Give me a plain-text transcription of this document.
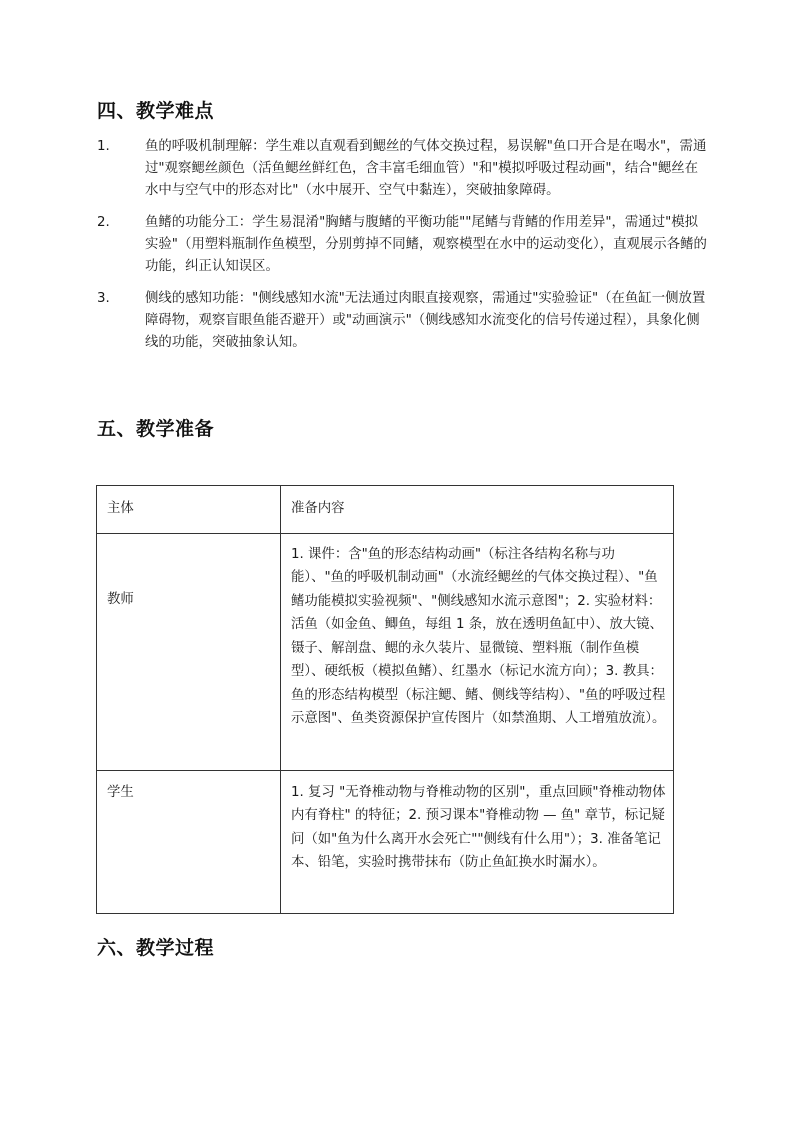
四、教学难点
1.	鱼的呼吸机制理解：学生难以直观看到鳃丝的气体交换过程，易误解"鱼口开合是在喝水"，需通过"观察鳃丝颜色（活鱼鳃丝鲜红色，含丰富毛细血管）"和"模拟呼吸过程动画"，结合"鳃丝在水中与空气中的形态对比"（水中展开、空气中黏连），突破抽象障碍。
2.	鱼鳍的功能分工：学生易混淆"胸鳍与腹鳍的平衡功能""尾鳍与背鳍的作用差异"，需通过"模拟实验"（用塑料瓶制作鱼模型，分别剪掉不同鳍，观察模型在水中的运动变化），直观展示各鳍的功能，纠正认知误区。
3.	侧线的感知功能："侧线感知水流"无法通过肉眼直接观察，需通过"实验验证"（在鱼缸一侧放置障碍物，观察盲眼鱼能否避开）或"动画演示"（侧线感知水流变化的信号传递过程），具象化侧线的功能，突破抽象认知。
五、教学准备
主体	准备内容

教师	1. 课件：含"鱼的形态结构动画"（标注各结构名称与功能）、"鱼的呼吸机制动画"（水流经鳃丝的气体交换过程）、"鱼鳍功能模拟实验视频"、"侧线感知水流示意图"；2. 实验材料：活鱼（如金鱼、鲫鱼，每组 1 条，放在透明鱼缸中）、放大镜、镊子、解剖盘、鳃的永久装片、显微镜、塑料瓶（制作鱼模型）、硬纸板（模拟鱼鳍）、红墨水（标记水流方向）；3. 教具：鱼的形态结构模型（标注鳃、鳍、侧线等结构）、"鱼的呼吸过程示意图"、鱼类资源保护宣传图片（如禁渔期、人工增殖放流）。

学生	1. 复习 "无脊椎动物与脊椎动物的区别"，重点回顾"脊椎动物体内有脊柱" 的特征；2. 预习课本"脊椎动物 — 鱼" 章节，标记疑问（如"鱼为什么离开水会死亡""侧线有什么用"）；3. 准备笔记本、铅笔，实验时携带抹布（防止鱼缸换水时漏水）。
六、教学过程
